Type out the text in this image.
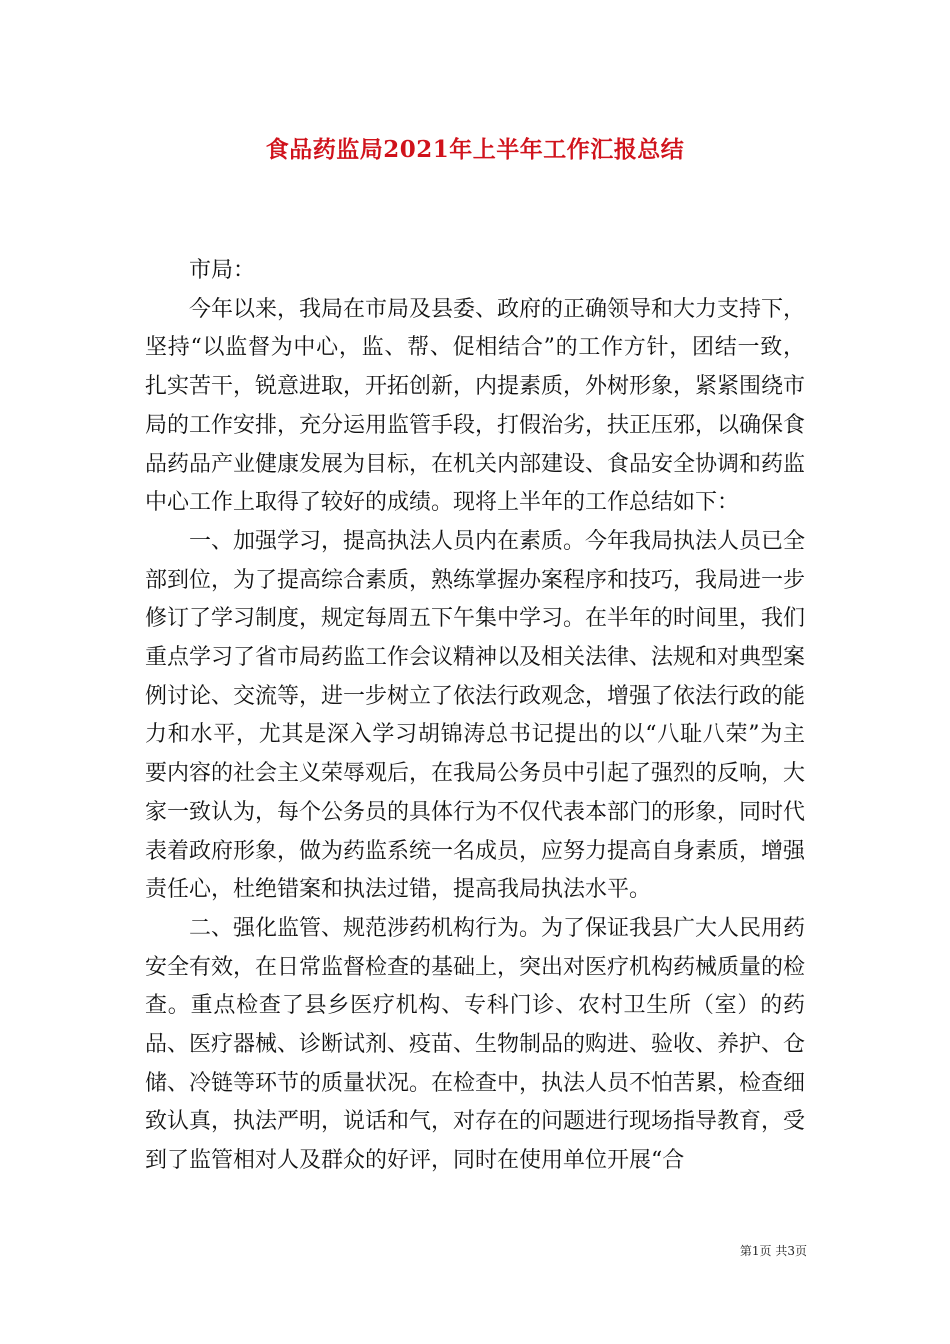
食品药监局2021年上半年工作汇报总结

市局：

今年以来，我局在市局及县委、政府的正确领导和大力支持下，坚持“以监督为中心，监、帮、促相结合”的工作方针，团结一致，扎实苦干，锐意进取，开拓创新，内提素质，外树形象，紧紧围绕市局的工作安排，充分运用监管手段，打假治劣，扶正压邪，以确保食品药品产业健康发展为目标，在机关内部建设、食品安全协调和药监中心工作上取得了较好的成绩。现将上半年的工作总结如下：

一、加强学习，提高执法人员内在素质。今年我局执法人员已全部到位，为了提高综合素质，熟练掌握办案程序和技巧，我局进一步修订了学习制度，规定每周五下午集中学习。在半年的时间里，我们重点学习了省市局药监工作会议精神以及相关法律、法规和对典型案例讨论、交流等，进一步树立了依法行政观念，增强了依法行政的能力和水平，尤其是深入学习胡锦涛总书记提出的以“八耻八荣”为主要内容的社会主义荣辱观后，在我局公务员中引起了强烈的反响，大家一致认为，每个公务员的具体行为不仅代表本部门的形象，同时代表着政府形象，做为药监系统一名成员，应努力提高自身素质，增强责任心，杜绝错案和执法过错，提高我局执法水平。

二、强化监管、规范涉药机构行为。为了保证我县广大人民用药安全有效，在日常监督检查的基础上，突出对医疗机构药械质量的检查。重点检查了县乡医疗机构、专科门诊、农村卫生所（室）的药品、医疗器械、诊断试剂、疫苗、生物制品的购进、验收、养护、仓储、冷链等环节的质量状况。在检查中，执法人员不怕苦累，检查细致认真，执法严明，说话和气，对存在的问题进行现场指导教育，受到了监管相对人及群众的好评，同时在使用单位开展“合

第1页 共3页
